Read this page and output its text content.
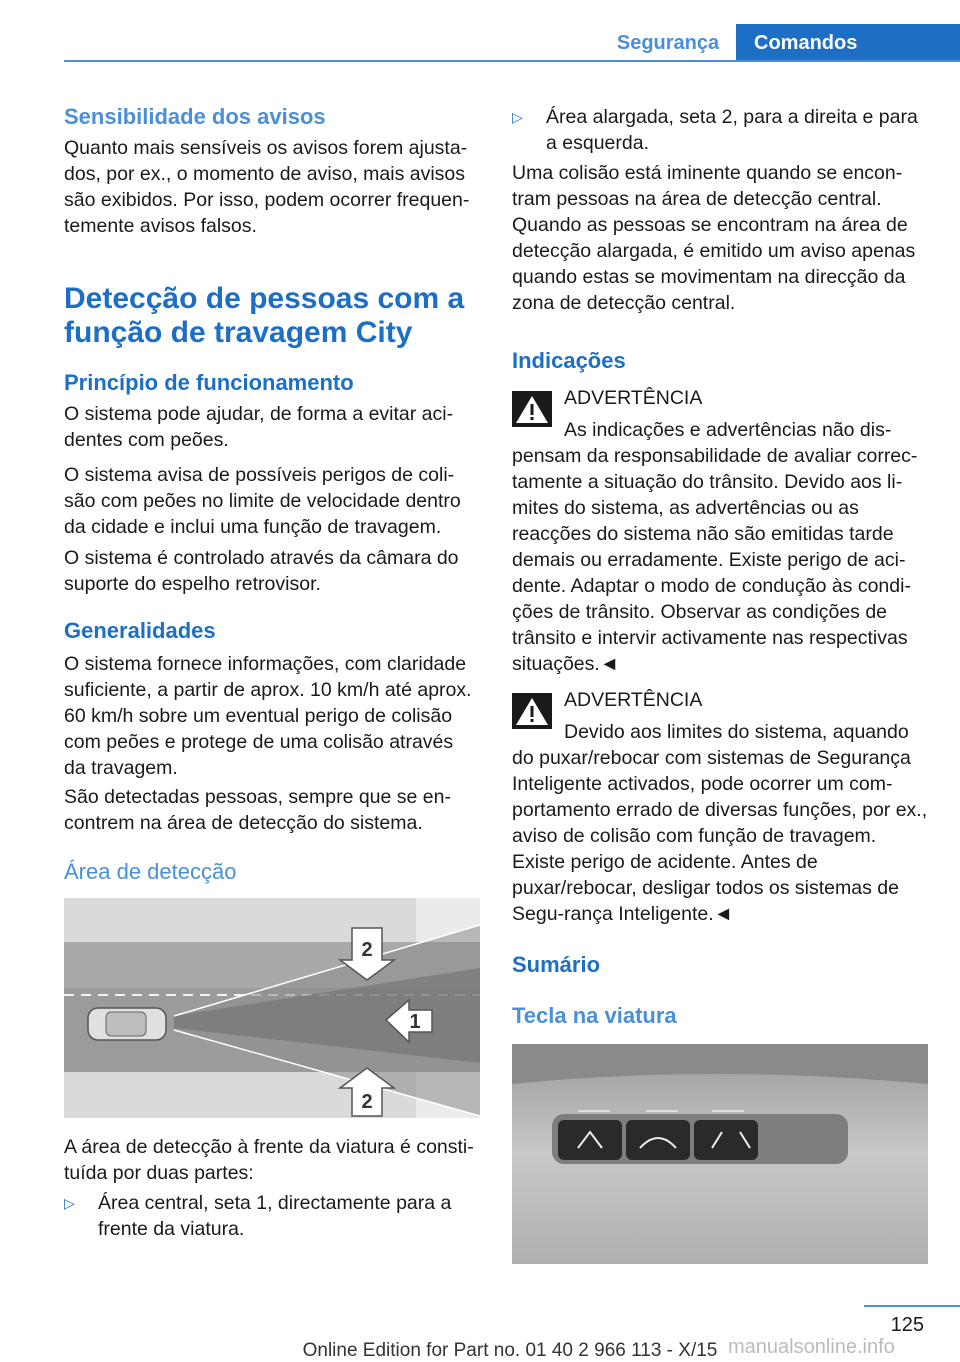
Segurança	Comandos
Sensibilidade dos avisos

Quanto mais sensíveis os avisos forem ajusta-dos, por ex., o momento de aviso, mais avisos são exibidos. Por isso, podem ocorrer frequen-temente avisos falsos.

Detecção de pessoas com a função de travagem City
Princípio de funcionamento

O sistema pode ajudar, de forma a evitar aci-dentes com peões.

O sistema avisa de possíveis perigos de coli-são com peões no limite de velocidade dentro da cidade e inclui uma função de travagem.

O sistema é controlado através da câmara do suporte do espelho retrovisor.

Generalidades

O sistema fornece informações, com claridade suficiente, a partir de aprox. 10 km/h até aprox. 60 km/h sobre um eventual perigo de colisão com peões e protege de uma colisão através da travagem.

São detectadas pessoas, sempre que se en-contrem na área de detecção do sistema.

Área de detecção
2
1
2

A área de detecção à frente da viatura é consti-tuída por duas partes:

▷	Área central, seta 1, directamente para a frente da viatura.
▷	Área alargada, seta 2, para a direita e para a esquerda.

Uma colisão está iminente quando se encon-tram pessoas na área de detecção central. Quando as pessoas se encontram na área de detecção alargada, é emitido um aviso apenas quando estas se movimentam na direcção da zona de detecção central.

Indicações
ADVERTÊNCIA
As indicações e advertências não dis-

pensam da responsabilidade de avaliar correc-tamente a situação do trânsito. Devido aos li-mites do sistema, as advertências ou as reacções do sistema não são emitidas tarde demais ou erradamente. Existe perigo de aci-dente. Adaptar o modo de condução às condi-ções de trânsito. Observar as condições de trânsito e intervir activamente nas respectivas situações.◄

ADVERTÊNCIA
Devido aos limites do sistema, aquando

do puxar/rebocar com sistemas de Segurança Inteligente activados, pode ocorrer um com-portamento errado de diversas funções, por ex., aviso de colisão com função de travagem. Existe perigo de acidente. Antes de puxar/rebocar, desligar todos os sistemas de Segu-rança Inteligente.◄

Sumário
Tecla na viatura
125
Online Edition for Part no. 01 40 2 966 113 - X/15 manualsonline.info
